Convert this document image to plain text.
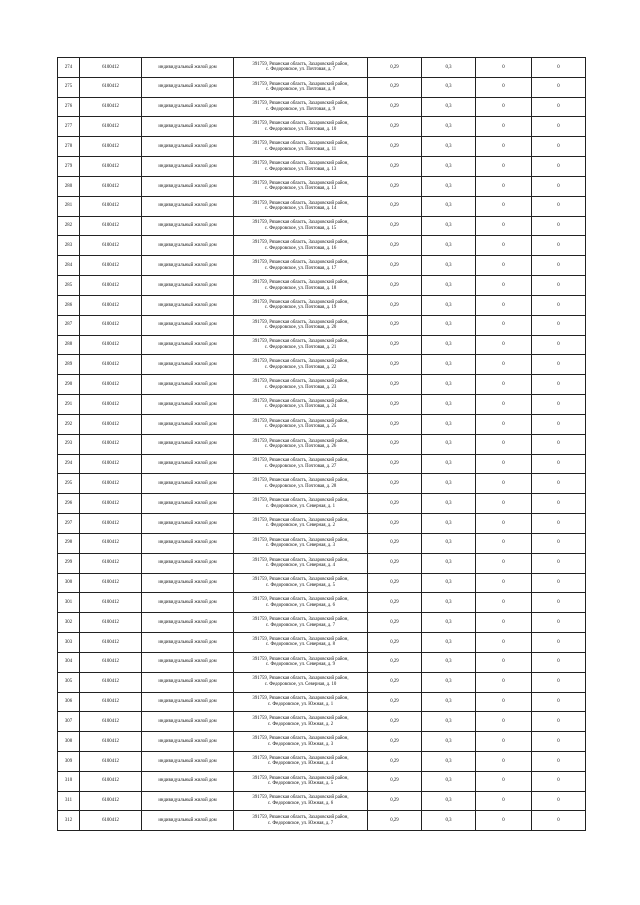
274	6100412	индивидуальный жилой дом	391759, Рязанская область, Захаровский район,
с. Федоровское, ул. Почтовая, д. 7	0,29	0,3	0	0
275	6100412	индивидуальный жилой дом	391759, Рязанская область, Захаровский район,
с. Федоровское, ул. Почтовая, д. 8	0,29	0,3	0	0
276	6100412	индивидуальный жилой дом	391759, Рязанская область, Захаровский район,
с. Федоровское, ул. Почтовая, д. 9	0,29	0,3	0	0
277	6100412	индивидуальный жилой дом	391759, Рязанская область, Захаровский район,
с. Федоровское, ул. Почтовая, д. 10	0,29	0,3	0	0
278	6100412	индивидуальный жилой дом	391759, Рязанская область, Захаровский район,
с. Федоровское, ул. Почтовая, д. 11	0,29	0,3	0	0
279	6100412	индивидуальный жилой дом	391759, Рязанская область, Захаровский район,
с. Федоровское, ул. Почтовая, д. 13	0,29	0,3	0	0
280	6100412	индивидуальный жилой дом	391759, Рязанская область, Захаровский район,
с. Федоровское, ул. Почтовая, д. 13	0,29	0,3	0	0
281	6100412	индивидуальный жилой дом	391759, Рязанская область, Захаровский район,
с. Федоровское, ул. Почтовая, д. 14	0,29	0,3	0	0
282	6100412	индивидуальный жилой дом	391759, Рязанская область, Захаровский район,
с. Федоровское, ул. Почтовая, д. 15	0,29	0,3	0	0
283	6100412	индивидуальный жилой дом	391759, Рязанская область, Захаровский район,
с. Федоровское, ул. Почтовая, д. 16	0,29	0,3	0	0
284	6100412	индивидуальный жилой дом	391759, Рязанская область, Захаровский район,
с. Федоровское, ул. Почтовая, д. 17	0,29	0,3	0	0
285	6100412	индивидуальный жилой дом	391759, Рязанская область, Захаровский район,
с. Федоровское, ул. Почтовая, д. 18	0,29	0,3	0	0
286	6100412	индивидуальный жилой дом	391759, Рязанская область, Захаровский район,
с. Федоровское, ул. Почтовая, д. 19	0,29	0,3	0	0
287	6100412	индивидуальный жилой дом	391759, Рязанская область, Захаровский район,
с. Федоровское, ул. Почтовая, д. 20	0,29	0,3	0	0
288	6100412	индивидуальный жилой дом	391759, Рязанская область, Захаровский район,
с. Федоровское, ул. Почтовая, д. 21	0,29	0,3	0	0
289	6100412	индивидуальный жилой дом	391759, Рязанская область, Захаровский район,
с. Федоровское, ул. Почтовая, д. 22	0,29	0,3	0	0
290	6100412	индивидуальный жилой дом	391759, Рязанская область, Захаровский район,
с. Федоровское, ул. Почтовая, д. 23	0,29	0,3	0	0
291	6100412	индивидуальный жилой дом	391759, Рязанская область, Захаровский район,
с. Федоровское, ул. Почтовая, д. 24	0,29	0,3	0	0
292	6100412	индивидуальный жилой дом	391759, Рязанская область, Захаровский район,
с. Федоровское, ул. Почтовая, д. 25	0,29	0,3	0	0
293	6100412	индивидуальный жилой дом	391759, Рязанская область, Захаровский район,
с. Федоровское, ул. Почтовая, д. 26	0,29	0,3	0	0
294	6100412	индивидуальный жилой дом	391759, Рязанская область, Захаровский район,
с. Федоровское, ул. Почтовая, д. 27	0,29	0,3	0	0
295	6100412	индивидуальный жилой дом	391759, Рязанская область, Захаровский район,
с. Федоровское, ул. Почтовая, д. 28	0,29	0,3	0	0
296	6100412	индивидуальный жилой дом	391759, Рязанская область, Захаровский район,
с. Федоровское, ул. Северная, д. 1	0,29	0,3	0	0
297	6100412	индивидуальный жилой дом	391759, Рязанская область, Захаровский район,
с. Федоровское, ул. Северная, д. 2	0,29	0,3	0	0
298	6100412	индивидуальный жилой дом	391759, Рязанская область, Захаровский район,
с. Федоровское, ул. Северная, д. 3	0,29	0,3	0	0
299	6100412	индивидуальный жилой дом	391759, Рязанская область, Захаровский район,
с. Федоровское, ул. Северная, д. 4	0,29	0,3	0	0
300	6100412	индивидуальный жилой дом	391759, Рязанская область, Захаровский район,
с. Федоровское, ул. Северная, д. 5	0,29	0,3	0	0
301	6100412	индивидуальный жилой дом	391759, Рязанская область, Захаровский район,
с. Федоровское, ул. Северная, д. 6	0,29	0,3	0	0
302	6100412	индивидуальный жилой дом	391759, Рязанская область, Захаровский район,
с. Федоровское, ул. Северная, д. 7	0,29	0,3	0	0
303	6100412	индивидуальный жилой дом	391759, Рязанская область, Захаровский район,
с. Федоровское, ул. Северная, д. 8	0,29	0,3	0	0
304	6100412	индивидуальный жилой дом	391759, Рязанская область, Захаровский район,
с. Федоровское, ул. Северная, д. 9	0,29	0,3	0	0
305	6100412	индивидуальный жилой дом	391759, Рязанская область, Захаровский район,
с. Федоровское, ул. Северная, д. 10	0,29	0,3	0	0
306	6100412	индивидуальный жилой дом	391759, Рязанская область, Захаровский район,
с. Федоровское, ул. Южная, д. 1	0,29	0,3	0	0
307	6100412	индивидуальный жилой дом	391759, Рязанская область, Захаровский район,
с. Федоровское, ул. Южная, д. 2	0,29	0,3	0	0
308	6100412	индивидуальный жилой дом	391759, Рязанская область, Захаровский район,
с. Федоровское, ул. Южная, д. 3	0,29	0,3	0	0
309	6100412	индивидуальный жилой дом	391759, Рязанская область, Захаровский район,
с. Федоровское, ул. Южная, д. 4	0,29	0,3	0	0
310	6100412	индивидуальный жилой дом	391759, Рязанская область, Захаровский район,
с. Федоровское, ул. Южная, д. 5	0,29	0,3	0	0
311	6100412	индивидуальный жилой дом	391759, Рязанская область, Захаровский район,
с. Федоровское, ул. Южная, д. 6	0,29	0,3	0	0
312	6100412	индивидуальный жилой дом	391759, Рязанская область, Захаровский район,
с. Федоровское, ул. Южная, д. 7	0,29	0,3	0	0
